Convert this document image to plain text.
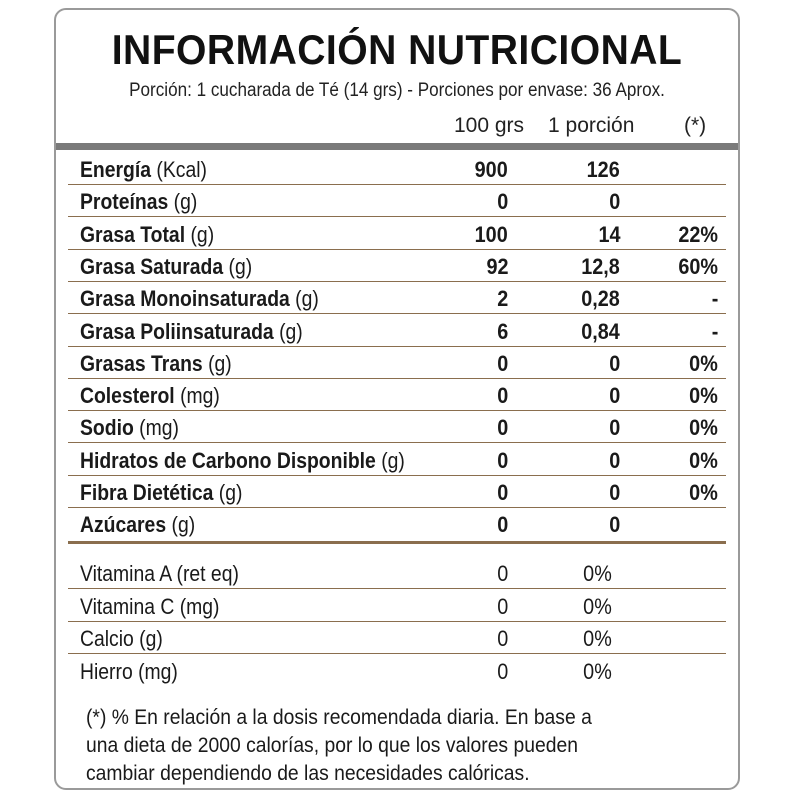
INFORMACIÓN NUTRICIONAL
Porción: 1 cucharada de Té (14 grs) - Porciones por envase: 36 Aprox.
100 grs 1 porción (*)
Energía (Kcal)	900	126
Proteínas (g)	0	0
Grasa Total (g)	100	14	22%
Grasa Saturada (g)	92	12,8	60%
Grasa Monoinsaturada (g)	2	0,28	-
Grasa Poliinsaturada (g)	6	0,84	-
Grasas Trans (g)	0	0	0%
Colesterol (mg)	0	0	0%
Sodio (mg)	0	0	0%
Hidratos de Carbono Disponible (g)	0	0	0%
Fibra Dietética (g)	0	0	0%
Azúcares (g)	0	0
Vitamina A (ret eq)	0	0%
Vitamina C (mg)	0	0%
Calcio (g)	0	0%
Hierro (mg)	0	0%
(*) % En relación a la dosis recomendada diaria. En base a
una dieta de 2000 calorías, por lo que los valores pueden
cambiar dependiendo de las necesidades calóricas.
